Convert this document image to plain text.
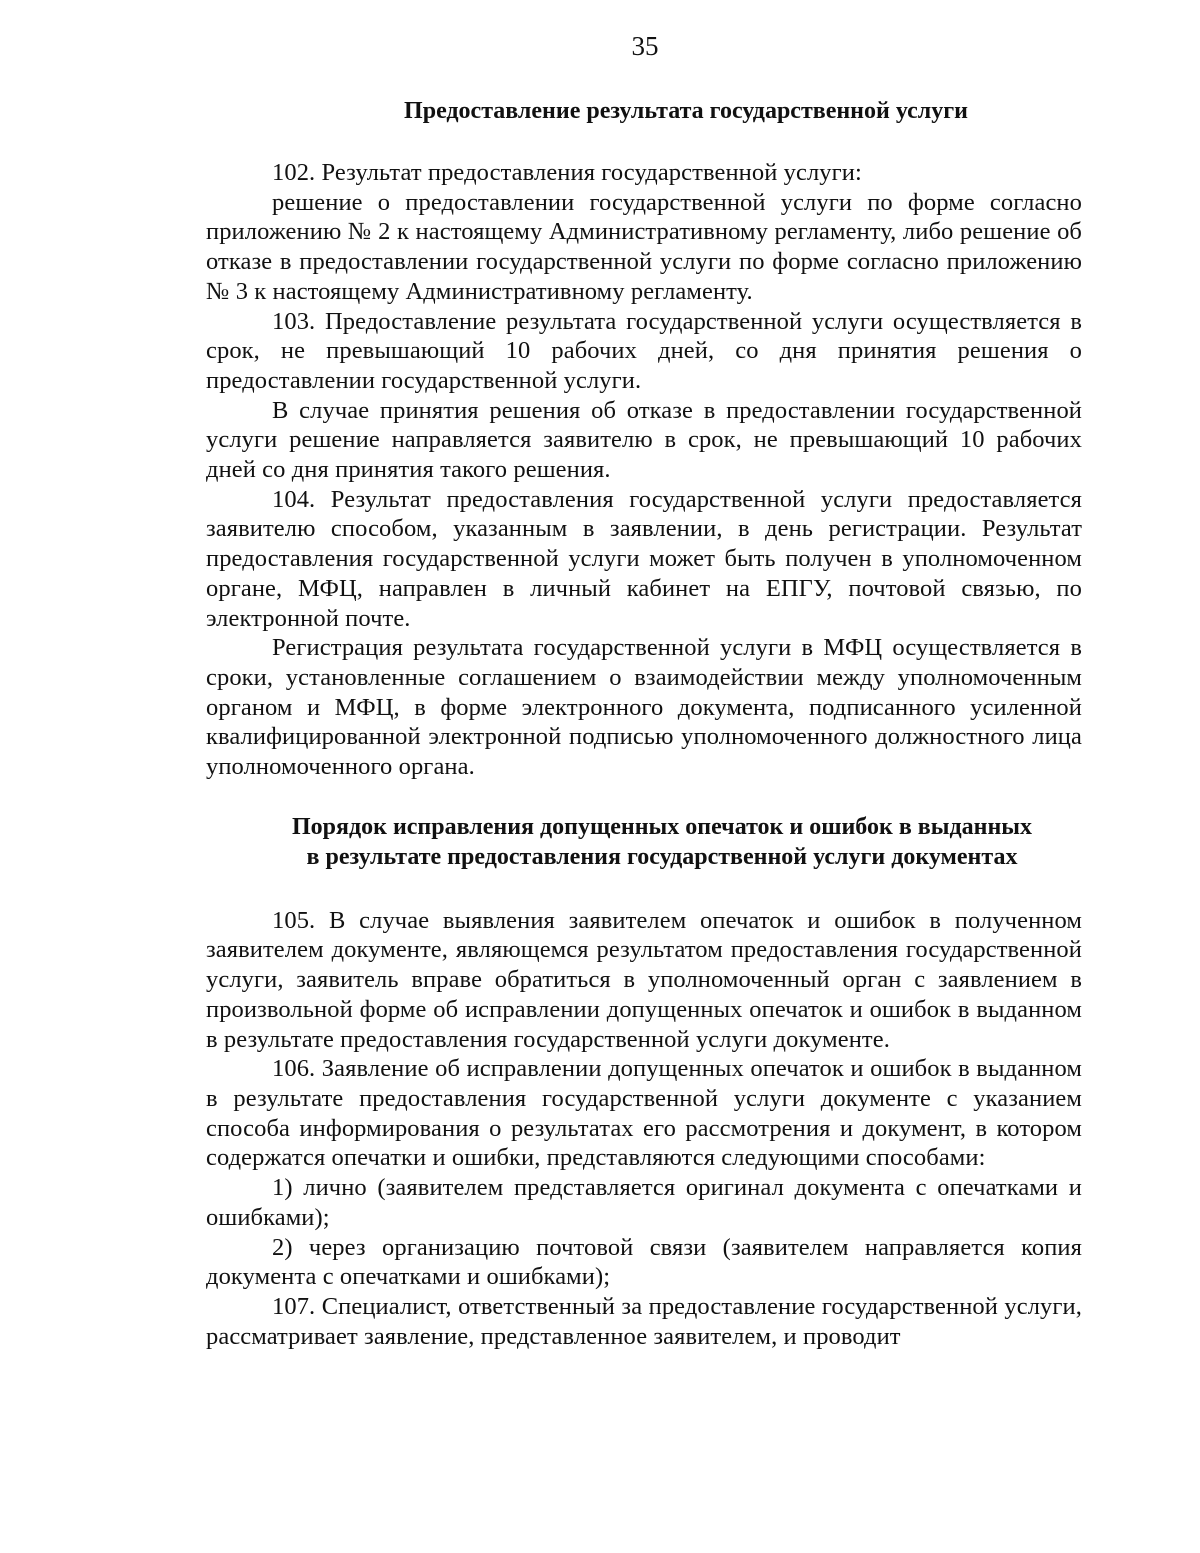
35
Предоставление результата государственной услуги

102. Результат предоставления государственной услуги:

решение о предоставлении государственной услуги по форме согласно приложению № 2 к настоящему Административному регламенту, либо решение об отказе в предоставлении государственной услуги по форме согласно приложению № 3 к настоящему Административному регламенту.

103. Предоставление результата государственной услуги осуществляется в срок, не превышающий 10 рабочих дней, со дня принятия решения о предоставлении государственной услуги.

В случае принятия решения об отказе в предоставлении государственной услуги решение направляется заявителю в срок, не превышающий 10 рабочих дней со дня принятия такого решения.

104. Результат предоставления государственной услуги предоставляется заявителю способом, указанным в заявлении, в день регистрации. Результат предоставления государственной услуги может быть получен в уполномоченном органе, МФЦ, направлен в личный кабинет на ЕПГУ, почтовой связью, по электронной почте.

Регистрация результата государственной услуги в МФЦ осуществляется в сроки, установленные соглашением о взаимодействии между уполномоченным органом и МФЦ, в форме электронного документа, подписанного усиленной квалифицированной электронной подписью уполномоченного должностного лица уполномоченного органа.

Порядок исправления допущенных опечаток и ошибок в выданных
в результате предоставления государственной услуги документах

105. В случае выявления заявителем опечаток и ошибок в полученном заявителем документе, являющемся результатом предоставления государственной услуги, заявитель вправе обратиться в уполномоченный орган с заявлением в произвольной форме об исправлении допущенных опечаток и ошибок в выданном в результате предоставления государственной услуги документе.

106. Заявление об исправлении допущенных опечаток и ошибок в выданном в результате предоставления государственной услуги документе с указанием способа информирования о результатах его рассмотрения и документ, в котором содержатся опечатки и ошибки, представляются следующими способами:

1) лично (заявителем представляется оригинал документа с опечатками и ошибками);

2) через организацию почтовой связи (заявителем направляется копия документа с опечатками и ошибками);

107. Специалист, ответственный за предоставление государственной услуги, рассматривает заявление, представленное заявителем, и проводит
